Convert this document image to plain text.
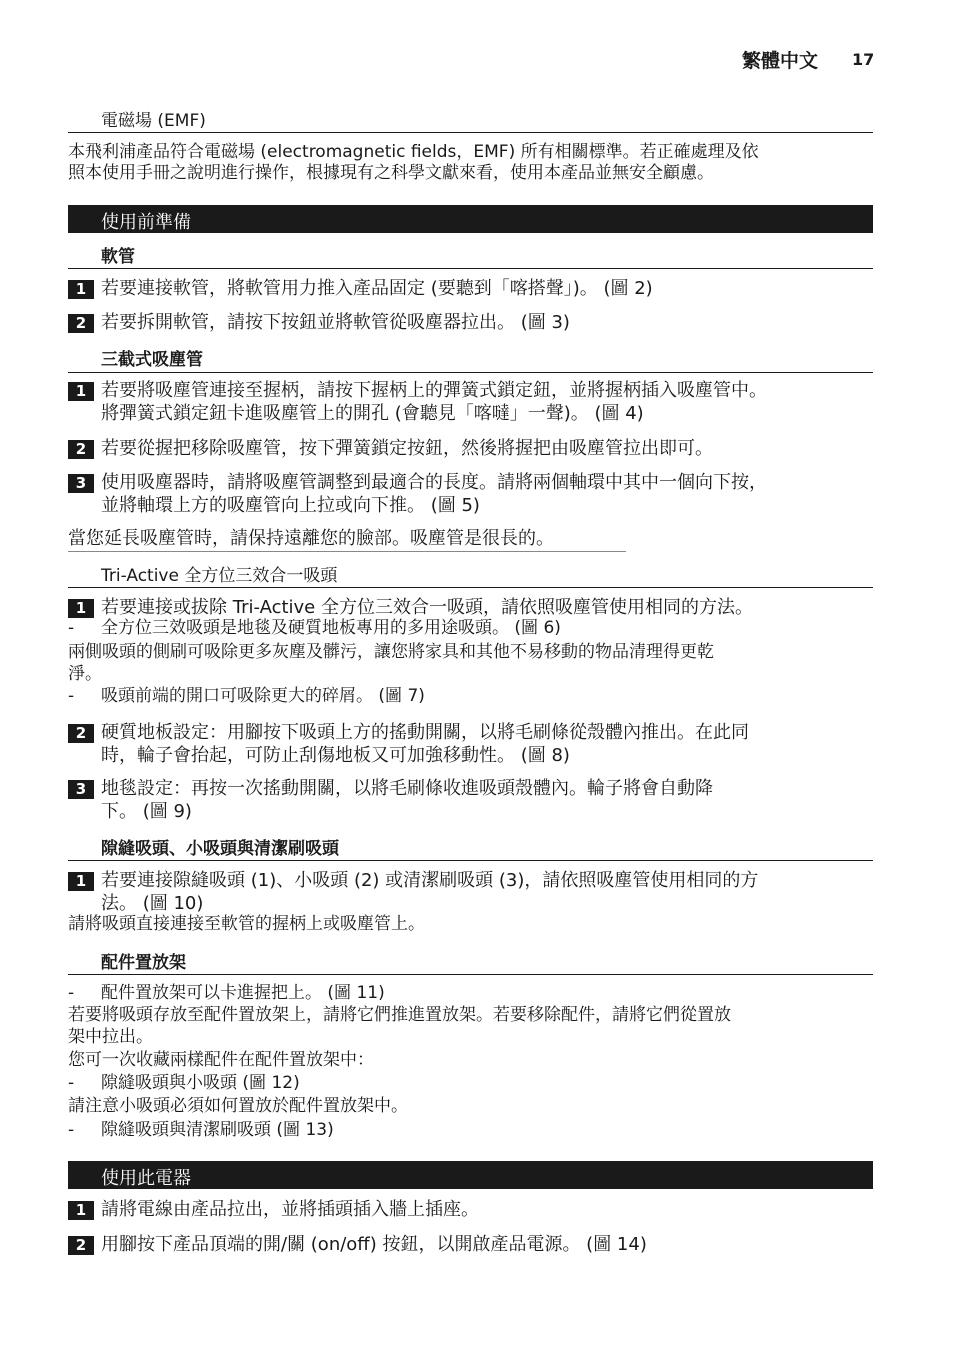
繁體中文 17
電磁場 (EMF)
本飛利浦產品符合電磁場 (electromagnetic fields，EMF) 所有相關標準。若正確處理及依
照本使用手冊之說明進行操作，根據現有之科學文獻來看，使用本產品並無安全顧慮。
使用前準備
軟管
1 若要連接軟管，將軟管用力推入產品固定 (要聽到「喀搭聲」)。 (圖 2)
2 若要拆開軟管，請按下按鈕並將軟管從吸塵器拉出。 (圖 3)
三截式吸塵管
1 若要將吸塵管連接至握柄，請按下握柄上的彈簧式鎖定鈕，並將握柄插入吸塵管中。
將彈簧式鎖定鈕卡進吸塵管上的開孔 (會聽見「喀噠」一聲)。 (圖 4)
2 若要從握把移除吸塵管，按下彈簧鎖定按鈕，然後將握把由吸塵管拉出即可。
3 使用吸塵器時，請將吸塵管調整到最適合的長度。請將兩個軸環中其中一個向下按，
並將軸環上方的吸塵管向上拉或向下推。 (圖 5)
當您延長吸塵管時，請保持遠離您的臉部。吸塵管是很長的。
Tri-Active 全方位三效合一吸頭
1 若要連接或拔除 Tri-Active 全方位三效合一吸頭，請依照吸塵管使用相同的方法。
- 全方位三效吸頭是地毯及硬質地板專用的多用途吸頭。 (圖 6)
兩側吸頭的側刷可吸除更多灰塵及髒污，讓您將家具和其他不易移動的物品清理得更乾
淨。
- 吸頭前端的開口可吸除更大的碎屑。 (圖 7)
2 硬質地板設定：用腳按下吸頭上方的搖動開關，以將毛刷條從殼體內推出。在此同
時，輪子會抬起，可防止刮傷地板又可加強移動性。 (圖 8)
3 地毯設定：再按一次搖動開關，以將毛刷條收進吸頭殼體內。輪子將會自動降
下。 (圖 9)
隙縫吸頭、小吸頭與清潔刷吸頭
1 若要連接隙縫吸頭 (1)、小吸頭 (2) 或清潔刷吸頭 (3)，請依照吸塵管使用相同的方
法。 (圖 10)
請將吸頭直接連接至軟管的握柄上或吸塵管上。
配件置放架
- 配件置放架可以卡進握把上。 (圖 11)
若要將吸頭存放至配件置放架上，請將它們推進置放架。若要移除配件，請將它們從置放
架中拉出。
您可一次收藏兩樣配件在配件置放架中：
- 隙縫吸頭與小吸頭 (圖 12)
請注意小吸頭必須如何置放於配件置放架中。
- 隙縫吸頭與清潔刷吸頭 (圖 13)
使用此電器
1 請將電線由產品拉出，並將插頭插入牆上插座。
2 用腳按下產品頂端的開/關 (on/off) 按鈕，以開啟產品電源。 (圖 14)
